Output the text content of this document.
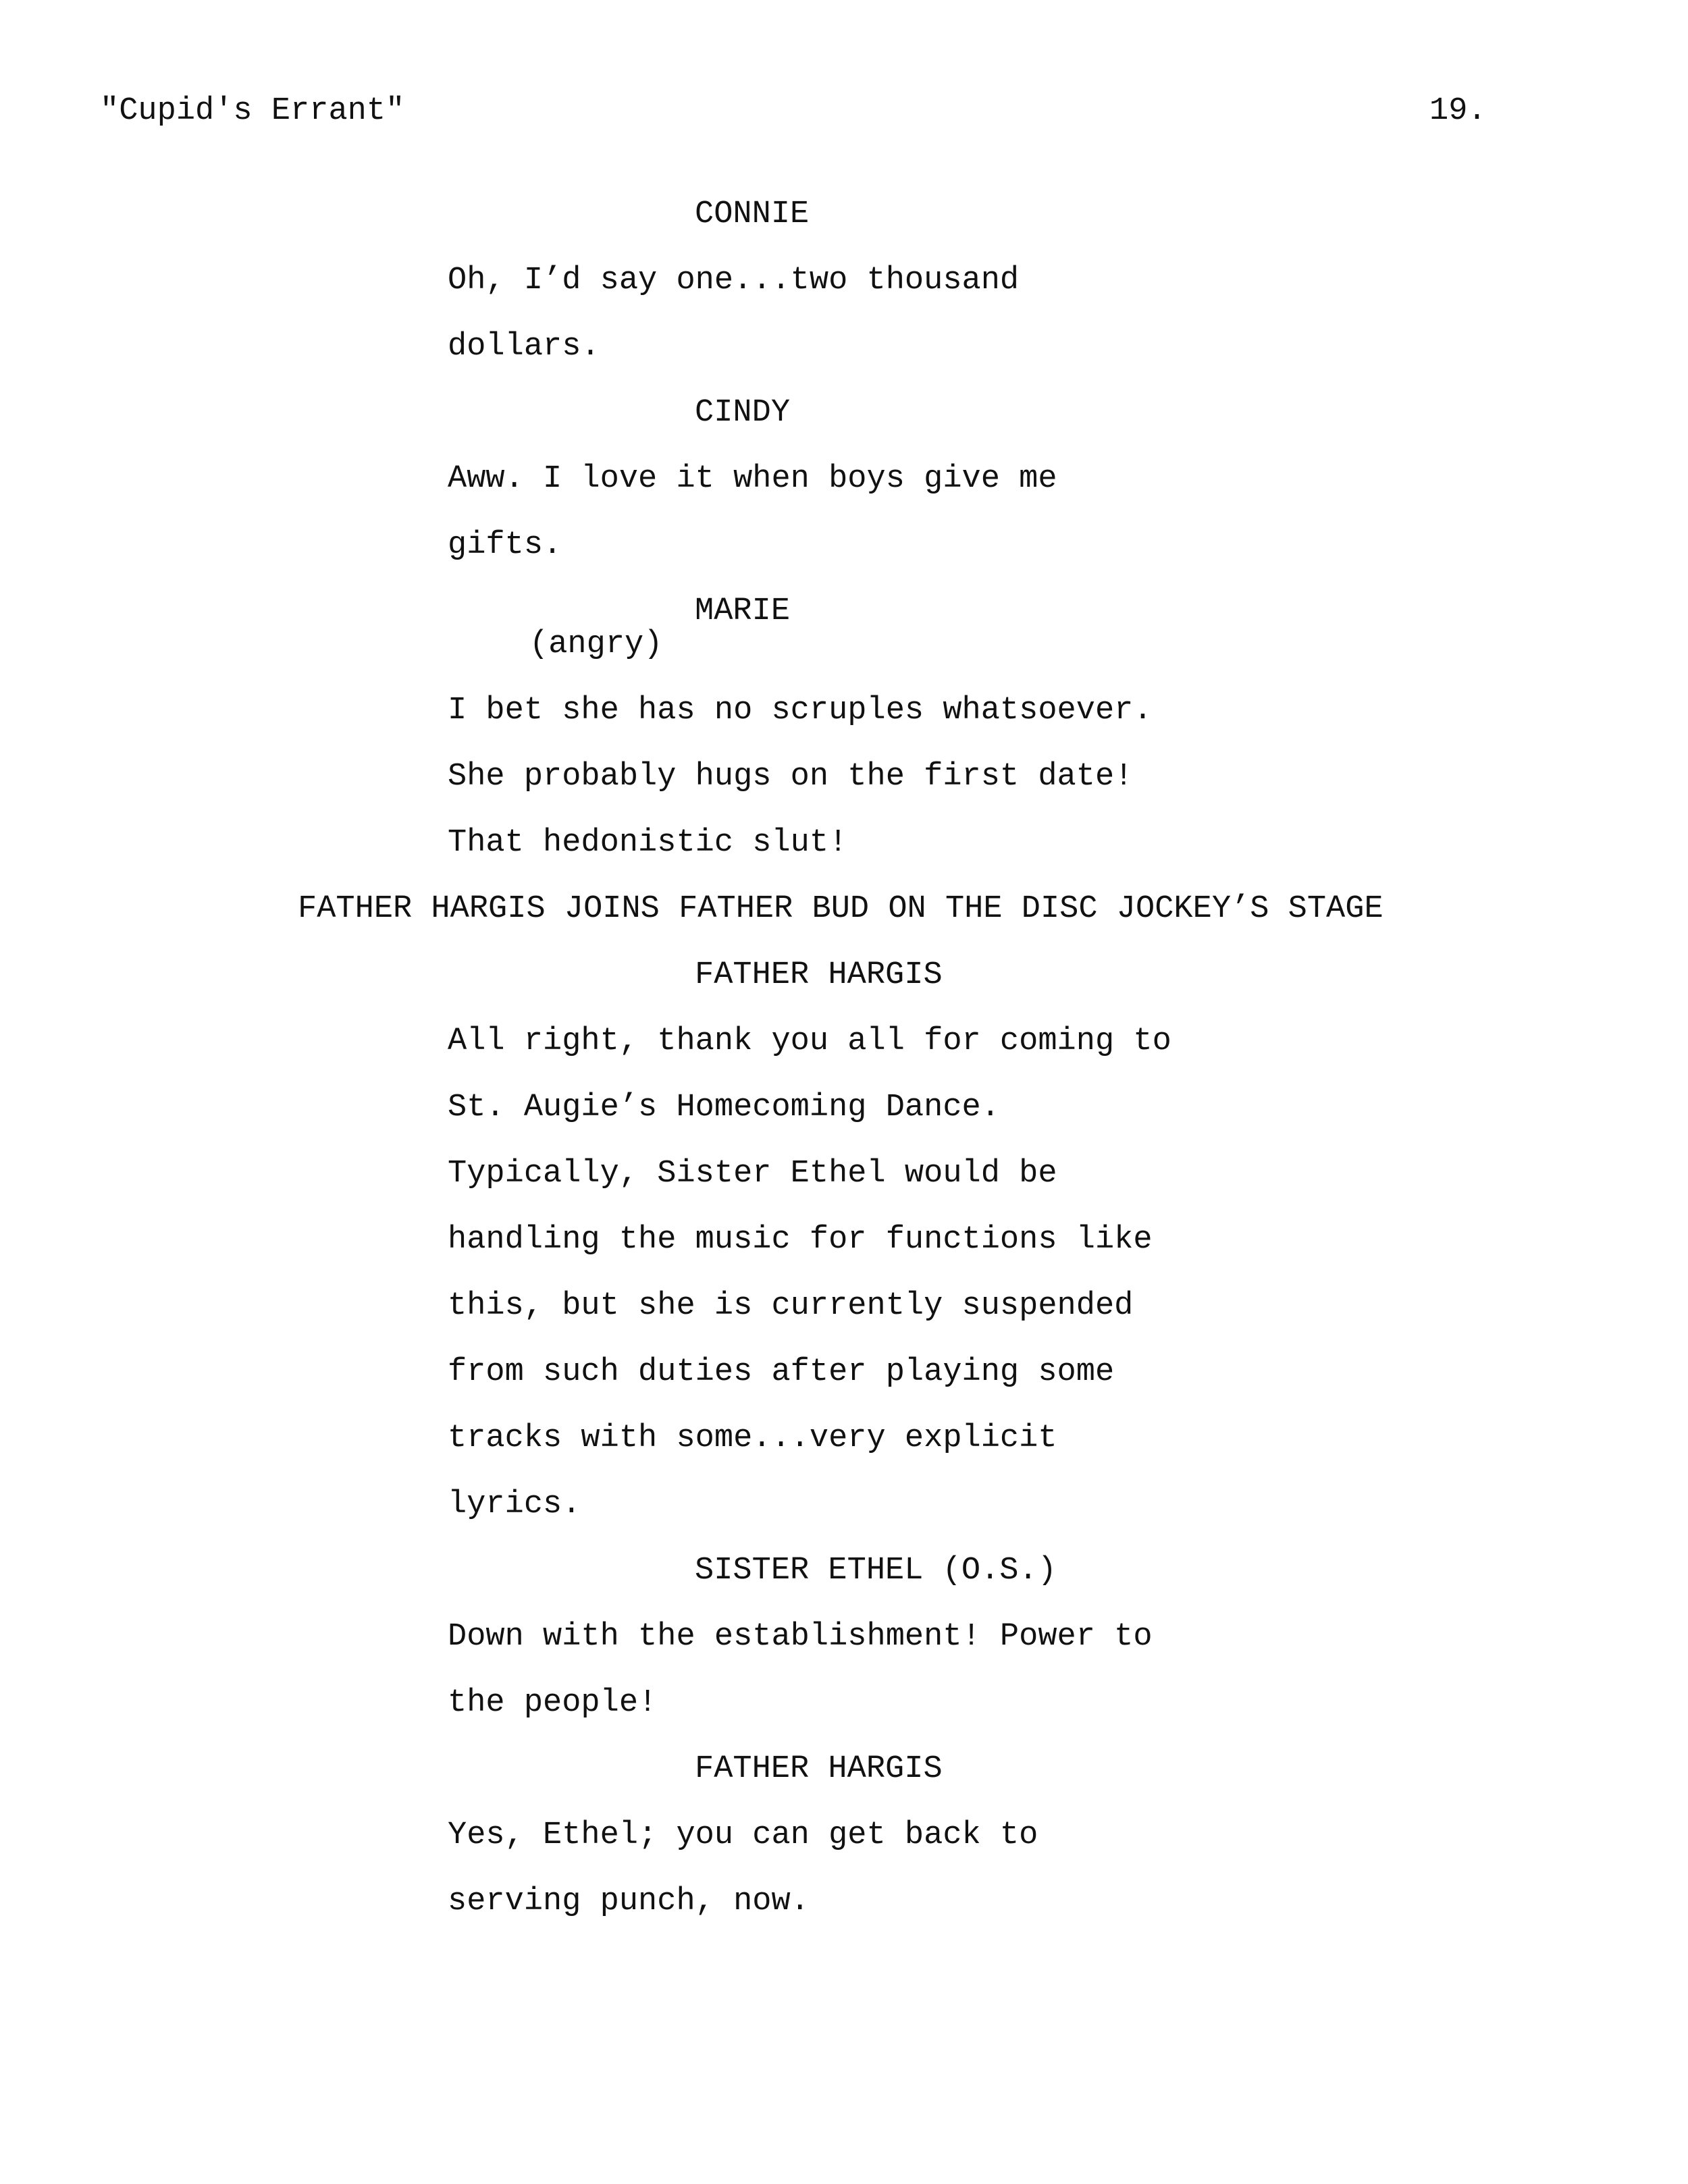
"Cupid's Errant"	19.
CONNIE
Oh, I’d say one...two thousand
dollars.
CINDY
Aww. I love it when boys give me
gifts.
MARIE
(angry)
I bet she has no scruples whatsoever.
She probably hugs on the first date!
That hedonistic slut!
FATHER HARGIS JOINS FATHER BUD ON THE DISC JOCKEY’S STAGE
FATHER HARGIS
All right, thank you all for coming to
St. Augie’s Homecoming Dance.
Typically, Sister Ethel would be
handling the music for functions like
this, but she is currently suspended
from such duties after playing some
tracks with some...very explicit
lyrics.
SISTER ETHEL (O.S.)
Down with the establishment! Power to
the people!
FATHER HARGIS
Yes, Ethel; you can get back to
serving punch, now.
